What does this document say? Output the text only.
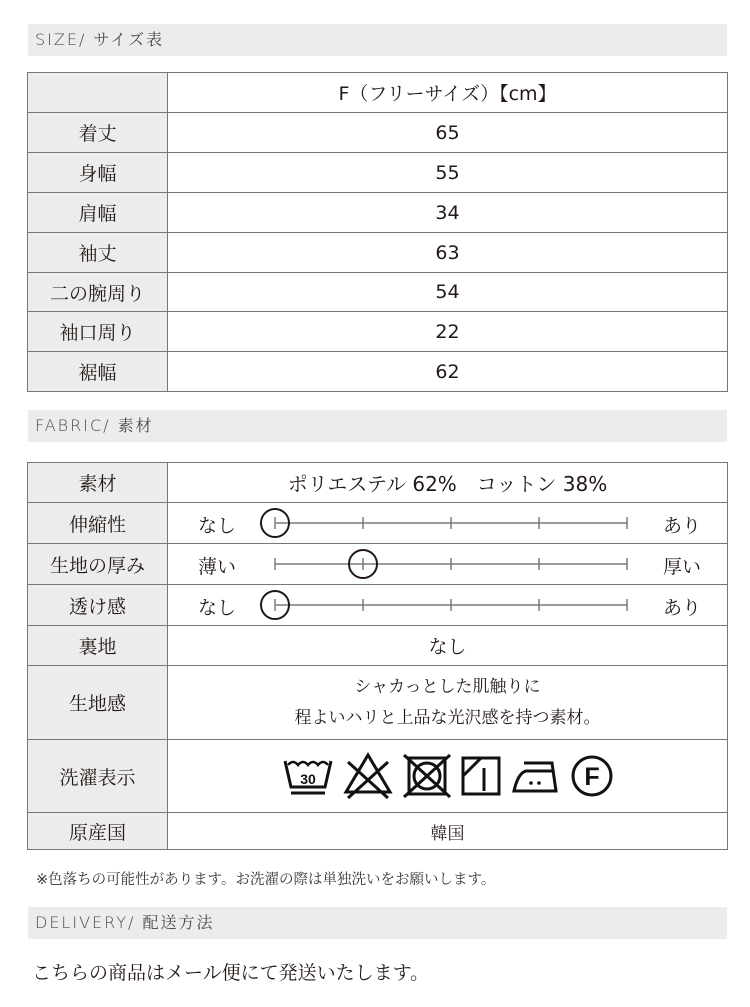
SIZE/ サイズ表
	F（フリーサイズ）【cm】
着丈	65
身幅	55
肩幅	34
袖丈	63
二の腕周り	54
袖口周り	22
裾幅	62
FABRIC/ 素材
素材	ポリエステル 62%　コットン 38%
伸縮性	なし あり

生地の厚み	薄い 厚い

透け感	なし あり

裏地	なし
生地感	シャカっとした肌触りに
程よいハリと上品な光沢感を持つ素材。

洗濯表示	30 F

原産国	韓国
※色落ちの可能性があります。お洗濯の際は単独洗いをお願いします。
DELIVERY/ 配送方法
こちらの商品はメール便にて発送いたします。
